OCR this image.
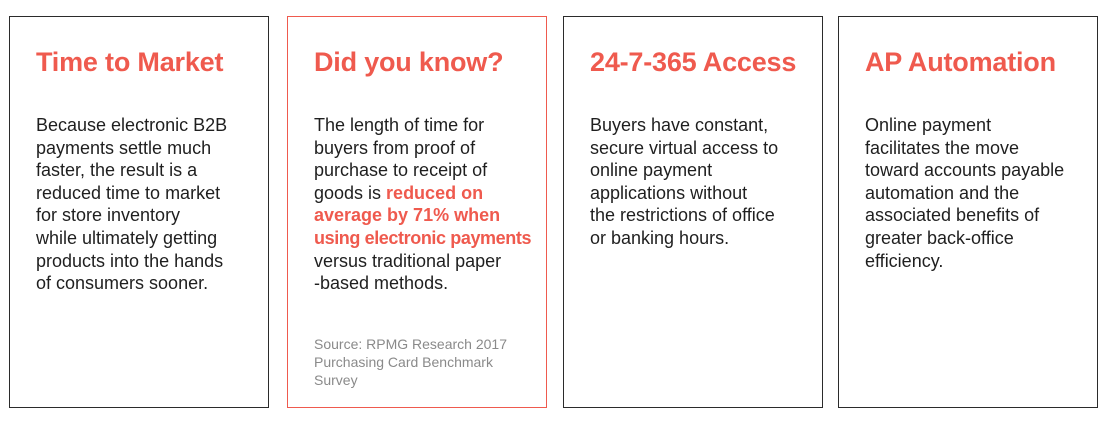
Time to Market

Because electronic B2B
payments settle much
faster, the result is a
reduced time to market
for store inventory
while ultimately getting
products into the hands
of consumers sooner.

Did you know?

The length of time for
buyers from proof of
purchase to receipt of
goods is reduced on
average by 71% when
using electronic payments
versus traditional paper
-based methods.

Source: RPMG Research 2017
Purchasing Card Benchmark
Survey

24-7-365 Access

Buyers have constant,
secure virtual access to
online payment
applications without
the restrictions of office
or banking hours.

AP Automation

Online payment
facilitates the move
toward accounts payable
automation and the
associated benefits of
greater back-office
efficiency.
